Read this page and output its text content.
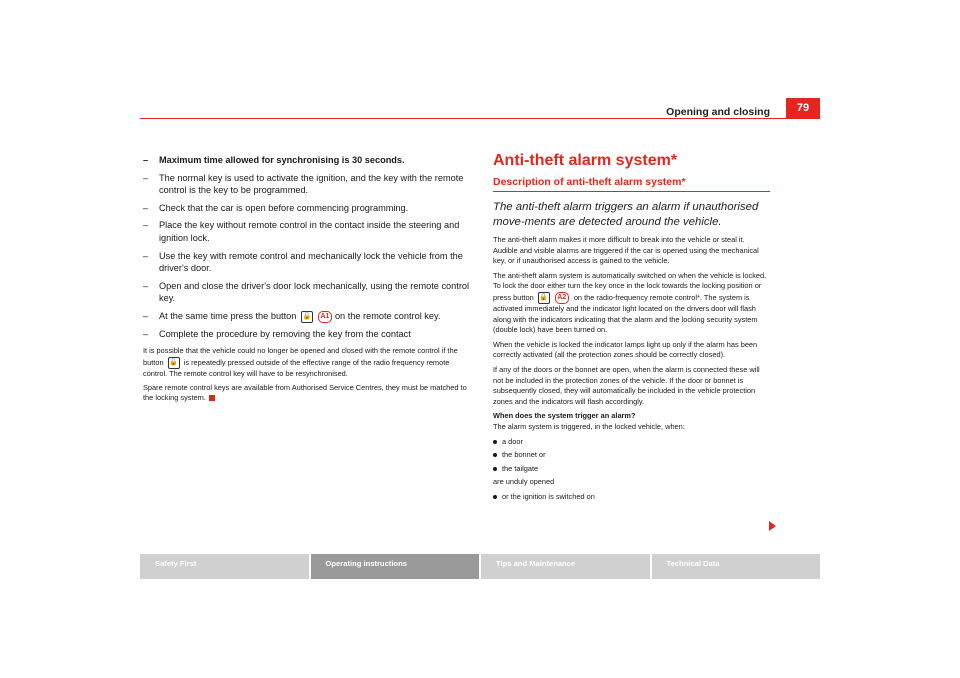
Opening and closing	79
– Maximum time allowed for synchronising is 30 seconds.
– The normal key is used to activate the ignition, and the key with the remote control is the key to be programmed.
– Check that the car is open before commencing programming.
– Place the key without remote control in the contact inside the steering and ignition lock.
– Use the key with remote control and mechanically lock the vehicle from the driver's door.
– Open and close the driver's door lock mechanically, using the remote control key.
– At the same time press the button 🔓 A1 on the remote control key.
– Complete the procedure by removing the key from the contact

It is possible that the vehicle could no longer be opened and closed with the remote control if the button 🔓 is repeatedly pressed outside of the effective range of the radio frequency remote control. The remote control key will have to be resynchronised.

Spare remote control keys are available from Authorised Service Centres, they must be matched to the locking system.

Anti-theft alarm system*
Description of anti-theft alarm system*
The anti-theft alarm triggers an alarm if unauthorised move-ments are detected around the vehicle.

The anti-theft alarm makes it more difficult to break into the vehicle or steal it. Audible and visible alarms are triggered if the car is opened using the mechanical key, or if unauthorised access is gained to the vehicle.

The anti-theft alarm system is automatically switched on when the vehicle is locked. To lock the door either turn the key once in the lock towards the locking position or press button 🔒 A2 on the radio-frequency remote control*. The system is activated immediately and the indicator light located on the drivers door will flash along with the indicators indicating that the alarm and the locking security system (double lock) have been turned on.

When the vehicle is locked the indicator lamps light up only if the alarm has been correctly activated (all the protection zones should be correctly closed).

If any of the doors or the bonnet are open, when the alarm is connected these will not be included in the protection zones of the vehicle. If the door or bonnet is subsequently closed, they will automatically be included in the vehicle protection zones and the indicators will flash accordingly.

When does the system trigger an alarm?

The alarm system is triggered, in the locked vehicle, when:

a door
the bonnet or
the tailgate

are unduly opened

or the ignition is switched on
Safety First	Operating instructions	Tips and Maintenance	Technical Data
